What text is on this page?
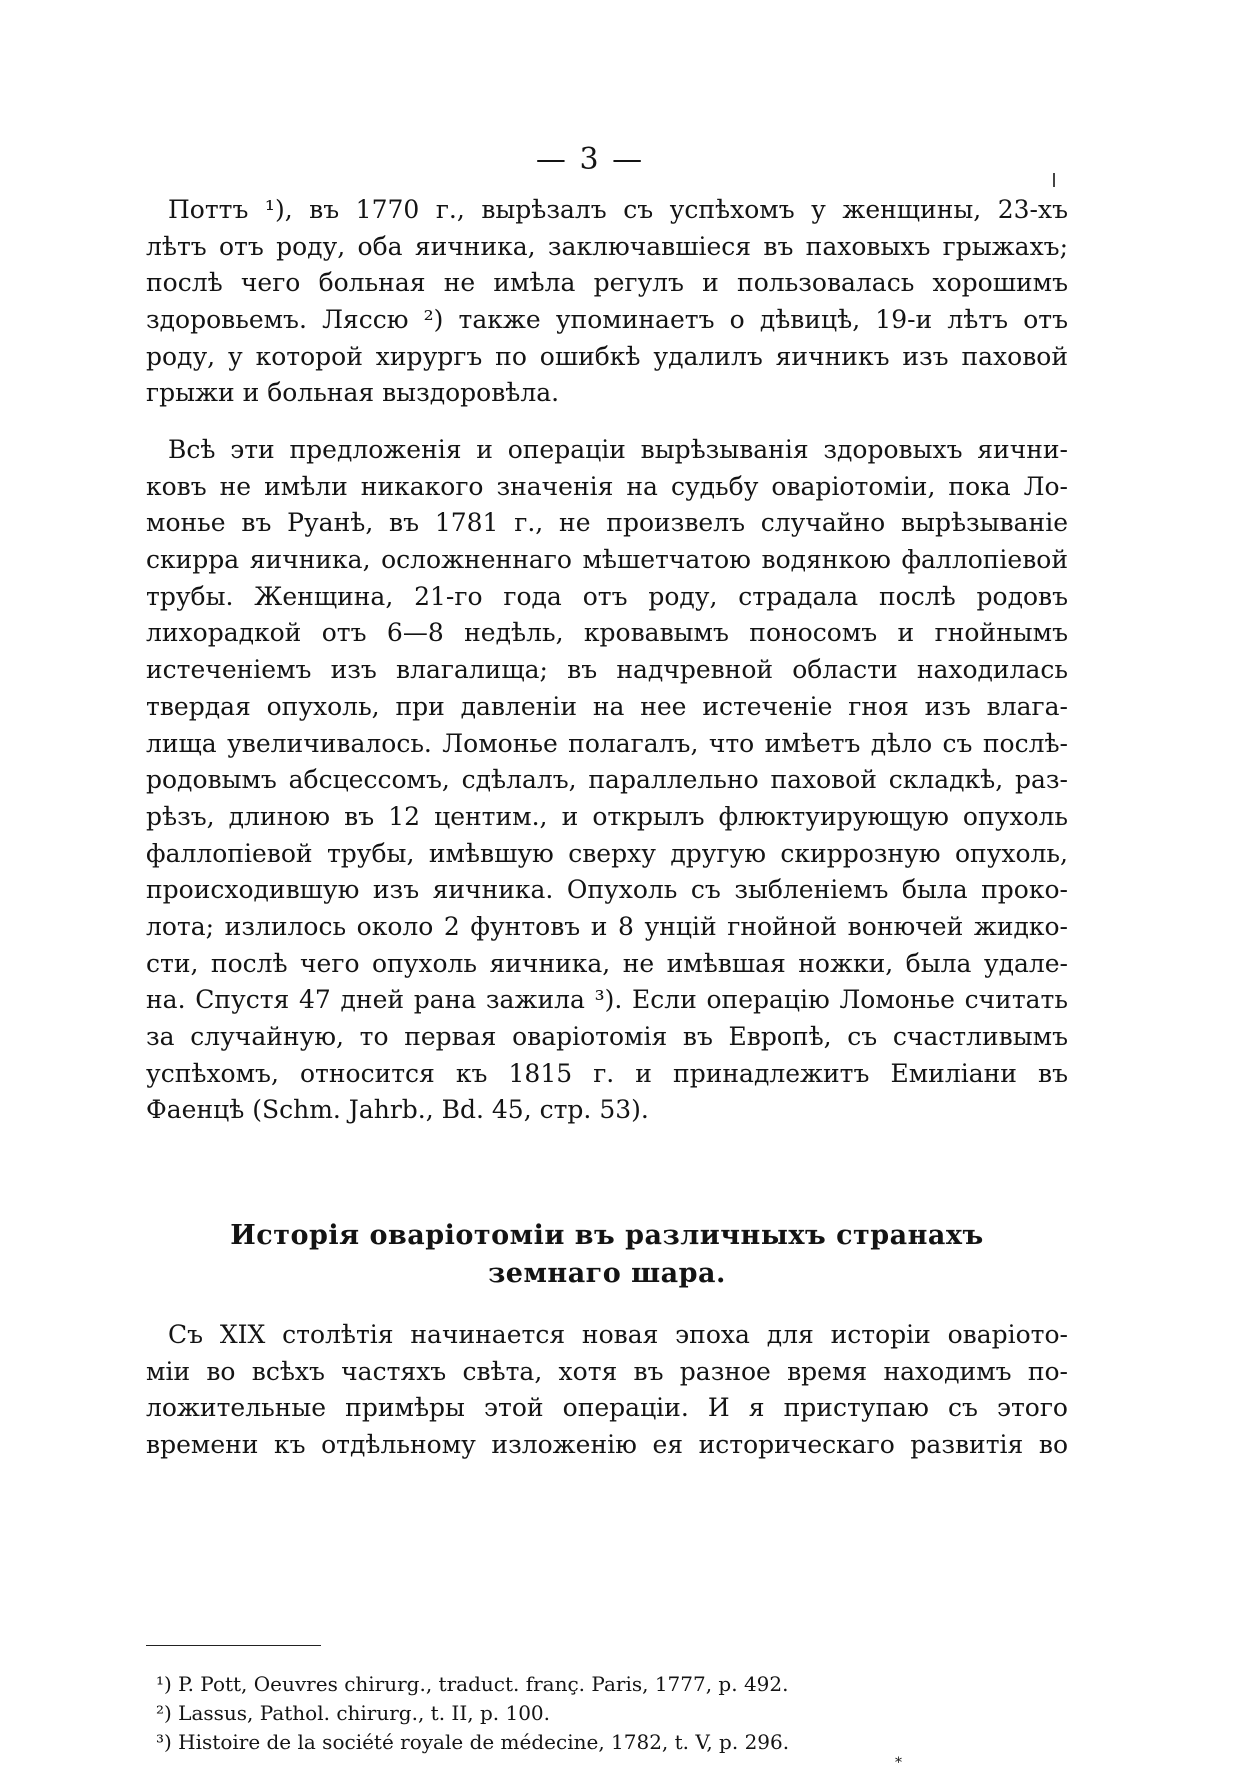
— 3 —
Поттъ ¹), въ 1770 г., вырѣзалъ съ успѣхомъ у женщины, 23-хъ
лѣтъ отъ роду, оба яичника, заключавшіеся въ паховыхъ грыжахъ;
послѣ чего больная не имѣла регулъ и пользовалась хорошимъ
здоровьемъ. Ляссю ²) также упоминаетъ о дѣвицѣ, 19-и лѣтъ отъ
роду, у которой хирургъ по ошибкѣ удалилъ яичникъ изъ паховой
грыжи и больная выздоровѣла.
Всѣ эти предложенія и операціи вырѣзыванія здоровыхъ яични-
ковъ не имѣли никакого значенія на судьбу оваріотоміи, пока Ло-
монье въ Руанѣ, въ 1781 г., не произвелъ случайно вырѣзываніе
скирра яичника, осложненнаго мѣшетчатою водянкою фаллопіевой
трубы. Женщина, 21-го года отъ роду, страдала послѣ родовъ
лихорадкой отъ 6—8 недѣль, кровавымъ поносомъ и гнойнымъ
истеченіемъ изъ влагалища; въ надчревной области находилась
твердая опухоль, при давленіи на нее истеченіе гноя изъ влага-
лища увеличивалось. Ломонье полагалъ, что имѣетъ дѣло съ послѣ-
родовымъ абсцессомъ, сдѣлалъ, параллельно паховой складкѣ, раз-
рѣзъ, длиною въ 12 центим., и открылъ флюктуирующую опухоль
фаллопіевой трубы, имѣвшую сверху другую скиррозную опухоль,
происходившую изъ яичника. Опухоль съ зыбленіемъ была проко-
лота; излилось около 2 фунтовъ и 8 унцій гнойной вонючей жидко-
сти, послѣ чего опухоль яичника, не имѣвшая ножки, была удале-
на. Спустя 47 дней рана зажила ³). Если операцію Ломонье считать
за случайную, то первая оваріотомія въ Европѣ, съ счастливымъ
успѣхомъ, относится къ 1815 г. и принадлежитъ Емиліани въ
Фаенцѣ (Schm. Jahrb., Bd. 45, стр. 53).
Исторія оваріотоміи въ различныхъ странахъ
земнаго шара.
Съ XIX столѣтія начинается новая эпоха для исторіи оваріото-
міи во всѣхъ частяхъ свѣта, хотя въ разное время находимъ по-
ложительные примѣры этой операціи. И я приступаю съ этого
времени къ отдѣльному изложенію ея историческаго развитія во
¹) P. Pott, Oeuvres chirurg., traduct. franç. Paris, 1777, p. 492.
²) Lassus, Pathol. chirurg., t. II, p. 100.
³) Histoire de la société royale de médecine, 1782, t. V, p. 296.
*
